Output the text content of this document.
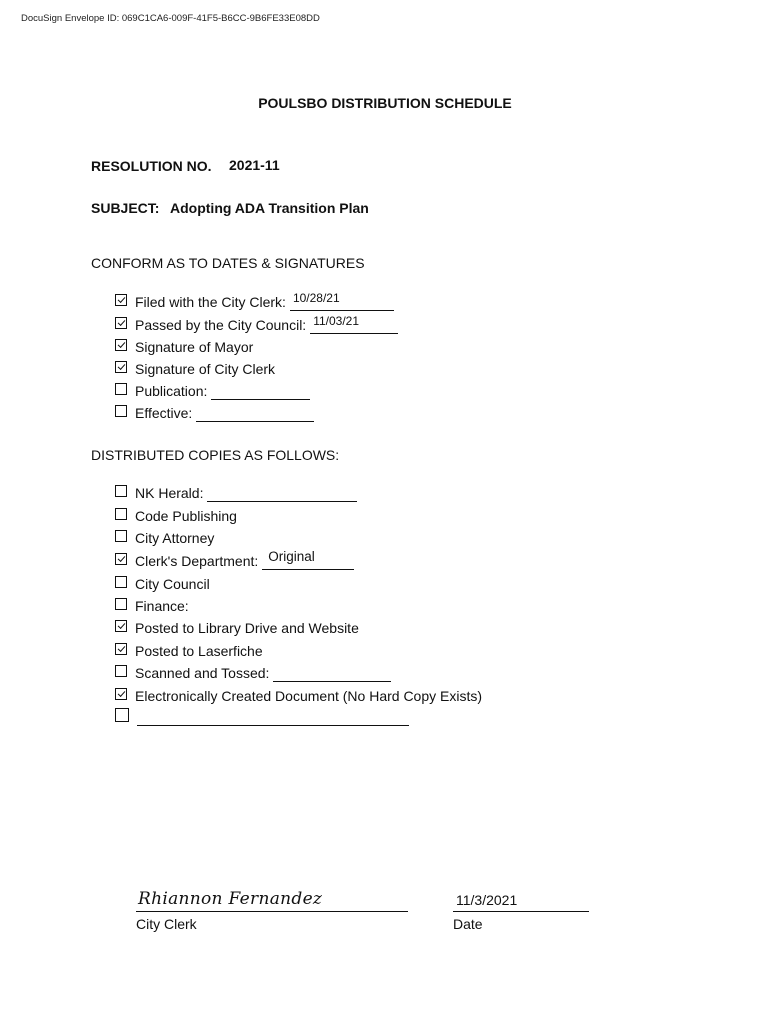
DocuSign Envelope ID: 069C1CA6-009F-41F5-B6CC-9B6FE33E08DD
POULSBO DISTRIBUTION SCHEDULE
RESOLUTION NO. 2021-11
SUBJECT: Adopting ADA Transition Plan
CONFORM AS TO DATES & SIGNATURES
Filed with the City Clerk: 10/28/21
Passed by the City Council: 11/03/21
Signature of Mayor
Signature of City Clerk
Publication:
Effective:
DISTRIBUTED COPIES AS FOLLOWS:
NK Herald:
Code Publishing
City Attorney
Clerk's Department: Original
City Council
Finance:
Posted to Library Drive and Website
Posted to Laserfiche
Scanned and Tossed:
Electronically Created Document (No Hard Copy Exists)
Rhiannon Fernandez
City Clerk
11/3/2021
Date
